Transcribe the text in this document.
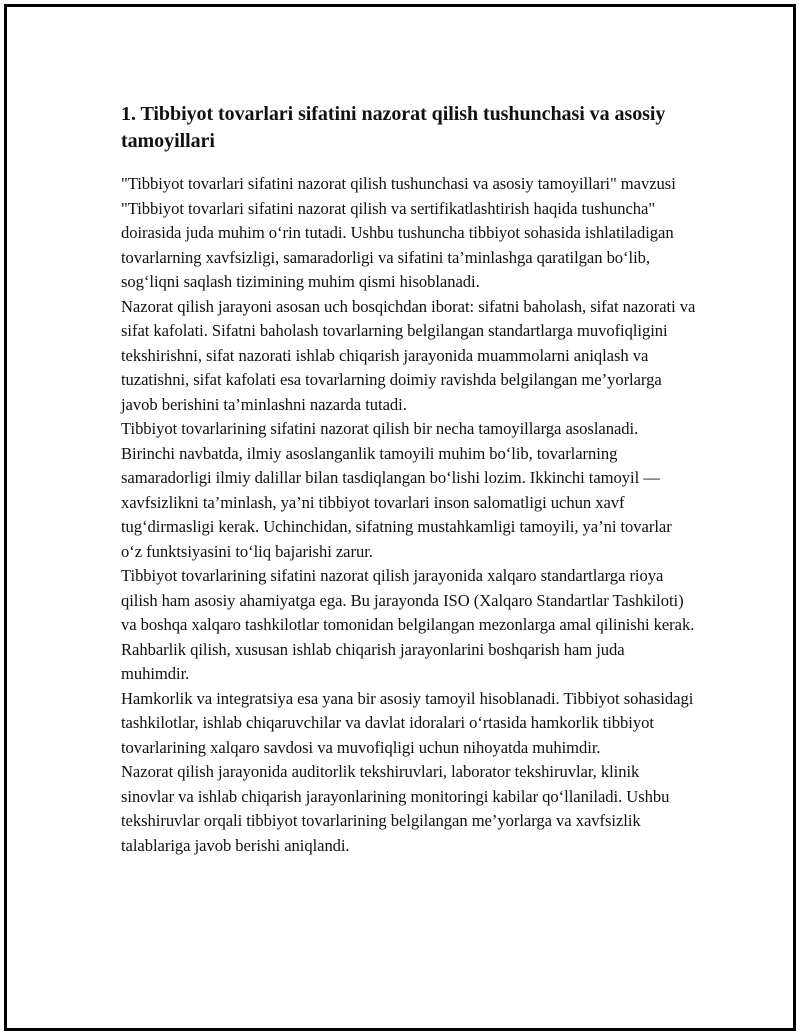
1. Tibbiyot tovarlari sifatini nazorat qilish tushunchasi va asosiy tamoyillari

"Tibbiyot tovarlari sifatini nazorat qilish tushunchasi va asosiy tamoyillari" mavzusi "Tibbiyot tovarlari sifatini nazorat qilish va sertifikatlashtirish haqida tushuncha" doirasida juda muhim o‘rin tutadi. Ushbu tushuncha tibbiyot sohasida ishlatiladigan tovarlarning xavfsizligi, samaradorligi va sifatini ta’minlashga qaratilgan bo‘lib, sog‘liqni saqlash tizimining muhim qismi hisoblanadi.

Nazorat qilish jarayoni asosan uch bosqichdan iborat: sifatni baholash, sifat nazorati va sifat kafolati. Sifatni baholash tovarlarning belgilangan standartlarga muvofiqligini tekshirishni, sifat nazorati ishlab chiqarish jarayonida muammolarni aniqlash va tuzatishni, sifat kafolati esa tovarlarning doimiy ravishda belgilangan me’yorlarga javob berishini ta’minlashni nazarda tutadi.

Tibbiyot tovarlarining sifatini nazorat qilish bir necha tamoyillarga asoslanadi. Birinchi navbatda, ilmiy asoslanganlik tamoyili muhim bo‘lib, tovarlarning samaradorligi ilmiy dalillar bilan tasdiqlangan bo‘lishi lozim. Ikkinchi tamoyil — xavfsizlikni ta’minlash, ya’ni tibbiyot tovarlari inson salomatligi uchun xavf tug‘dirmasligi kerak. Uchinchidan, sifatning mustahkamligi tamoyili, ya’ni tovarlar o‘z funktsiyasini to‘liq bajarishi zarur.

Tibbiyot tovarlarining sifatini nazorat qilish jarayonida xalqaro standartlarga rioya qilish ham asosiy ahamiyatga ega. Bu jarayonda ISO (Xalqaro Standartlar Tashkiloti) va boshqa xalqaro tashkilotlar tomonidan belgilangan mezonlarga amal qilinishi kerak. Rahbarlik qilish, xususan ishlab chiqarish jarayonlarini boshqarish ham juda muhimdir.

Hamkorlik va integratsiya esa yana bir asosiy tamoyil hisoblanadi. Tibbiyot sohasidagi tashkilotlar, ishlab chiqaruvchilar va davlat idoralari o‘rtasida hamkorlik tibbiyot tovarlarining xalqaro savdosi va muvofiqligi uchun nihoyatda muhimdir.

Nazorat qilish jarayonida auditorlik tekshiruvlari, laborator tekshiruvlar, klinik sinovlar va ishlab chiqarish jarayonlarining monitoringi kabilar qo‘llaniladi. Ushbu tekshiruvlar orqali tibbiyot tovarlarining belgilangan me’yorlarga va xavfsizlik talablariga javob berishi aniqlandi.
